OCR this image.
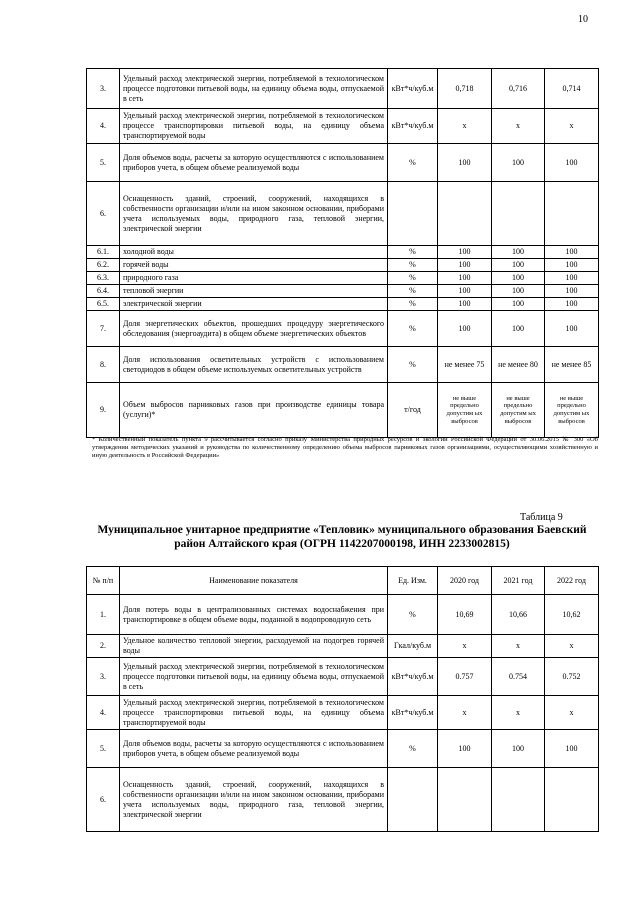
10
3.	Удельный расход электрической энергии, потребляемой в технологическом процессе подготовки питьевой воды, на единицу объема воды, отпускаемой в сеть	кВт*ч/куб.м	0,718	0,716	0,714
4.	Удельный расход электрической энергии, потребляемой в технологическом процессе транспортировки питьевой воды, на единицу объема транспортируемой воды	кВт*ч/куб.м	x	x	x
5.	Доля объемов воды, расчеты за которую осуществляются с использованием приборов учета, в общем объеме реализуемой воды	%	100	100	100
6.	Оснащенность зданий, строений, сооружений, находящихся в собственности организации и/или на ином законном основании, приборами учета используемых воды, природного газа, тепловой энергии, электрической энергии				
6.1.	холодной воды	%	100	100	100
6.2.	горячей воды	%	100	100	100
6.3.	природного газа	%	100	100	100
6.4.	тепловой энергии	%	100	100	100
6.5.	электрической энергии	%	100	100	100
7.	Доля энергетических объектов, прошедших процедуру энергетического обследования (энергоаудита) в общем объеме энергетических объектов	%	100	100	100
8.	Доля использования осветительных устройств с использованием светодиодов в общем объеме используемых осветительных устройств	%	не менее 75	не менее 80	не менее 85
9.	Объем выбросов парниковых газов при производстве единицы товара (услуги)*	т/год	не выше предельно допустим ых выбросов	не выше предельно допустим ых выбросов	не выше предельно допустим ых выбросов
* Количественный показатель пункта 9 рассчитывается согласно приказу Министерства природных ресурсов и экологии Российской Федерации от 30.06.2015 № 300 «Об утверждении методических указаний и руководства по количественному определению объема выбросов парниковых газов организациями, осуществляющими хозяйственную и иную деятельность в Российской Федерации»
Таблица 9
Муниципальное унитарное предприятие «Тепловик» муниципального образования Баевский район Алтайского края (ОГРН 1142207000198, ИНН 2233002815)
№ п/п	Наименование показателя	Ед. Изм.	2020 год	2021 год	2022 год
1.	Доля потерь воды в централизованных системах водоснабжения при транспортировке в общем объеме воды, поданной в водопроводную сеть	%	10,69	10,66	10,62
2.	Удельное количество тепловой энергии, расходуемой на подогрев горячей воды	Гкал/куб.м	x	x	x
3.	Удельный расход электрической энергии, потребляемой в технологическом процессе подготовки питьевой воды, на единицу объема воды, отпускаемой в сеть	кВт*ч/куб.м	0.757	0.754	0.752
4.	Удельный расход электрической энергии, потребляемой в технологическом процессе транспортировки питьевой воды, на единицу объема транспортируемой воды	кВт*ч/куб.м	x	x	x
5.	Доля объемов воды, расчеты за которую осуществляются с использованием приборов учета, в общем объеме реализуемой воды	%	100	100	100
6.	Оснащенность зданий, строений, сооружений, находящихся в собственности организации и/или на ином законном основании, приборами учета используемых воды, природного газа, тепловой энергии, электрической энергии				
